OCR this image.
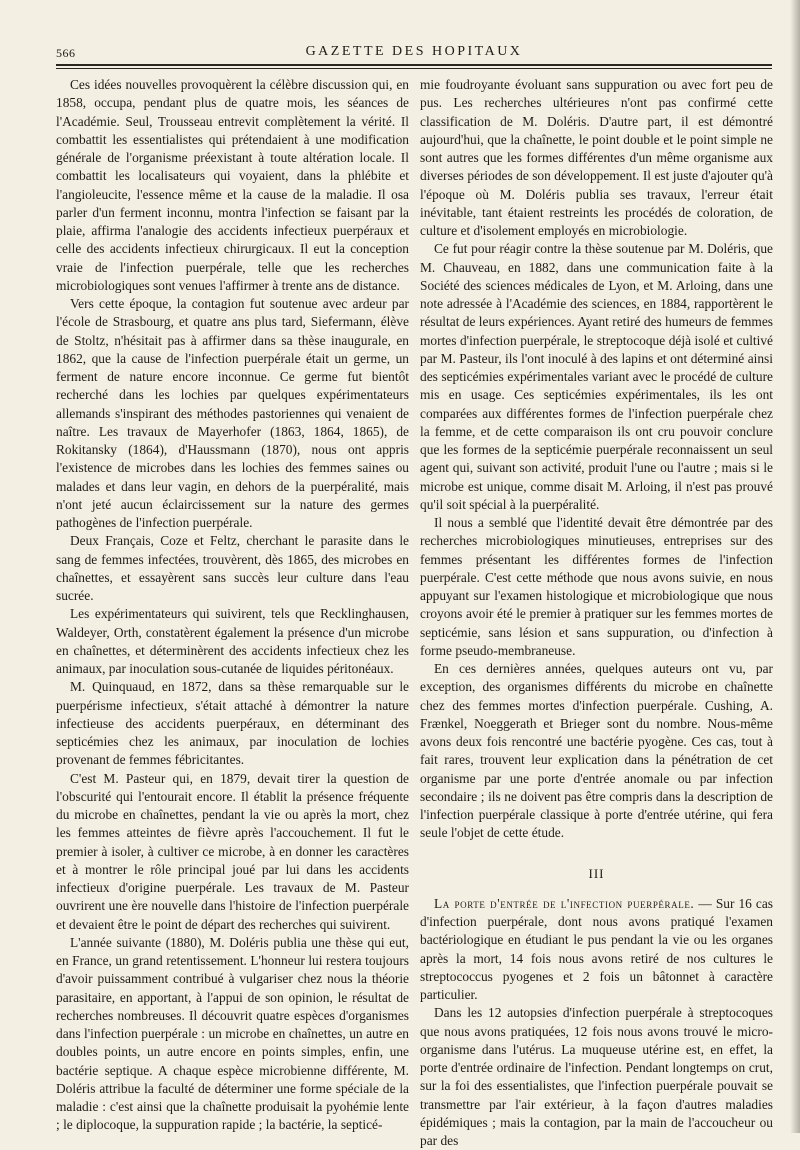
566	GAZETTE DES HOPITAUX

Ces idées nouvelles provoquèrent la célèbre discussion qui, en 1858, occupa, pendant plus de quatre mois, les séances de l'Académie. Seul, Trousseau entrevit complètement la vérité. Il combattit les essentialistes qui prétendaient à une modification générale de l'organisme préexistant à toute altération locale. Il combattit les localisateurs qui voyaient, dans la phlébite et l'angioleucite, l'essence même et la cause de la maladie. Il osa parler d'un ferment inconnu, montra l'infection se faisant par la plaie, affirma l'analogie des accidents infectieux puerpéraux et celle des accidents infectieux chirurgicaux. Il eut la conception vraie de l'infection puerpérale, telle que les recherches microbiologiques sont venues l'affirmer à trente ans de distance.

Vers cette époque, la contagion fut soutenue avec ardeur par l'école de Strasbourg, et quatre ans plus tard, Siefermann, élève de Stoltz, n'hésitait pas à affirmer dans sa thèse inaugurale, en 1862, que la cause de l'infection puerpérale était un germe, un ferment de nature encore inconnue. Ce germe fut bientôt recherché dans les lochies par quelques expérimentateurs allemands s'inspirant des méthodes pastoriennes qui venaient de naître. Les travaux de Mayerhofer (1863, 1864, 1865), de Rokitansky (1864), d'Haussmann (1870), nous ont appris l'existence de microbes dans les lochies des femmes saines ou malades et dans leur vagin, en dehors de la puerpéralité, mais n'ont jeté aucun éclaircissement sur la nature des germes pathogènes de l'infection puerpérale.

Deux Français, Coze et Feltz, cherchant le parasite dans le sang de femmes infectées, trouvèrent, dès 1865, des microbes en chaînettes, et essayèrent sans succès leur culture dans l'eau sucrée.

Les expérimentateurs qui suivirent, tels que Recklinghausen, Waldeyer, Orth, constatèrent également la présence d'un microbe en chaînettes, et déterminèrent des accidents infectieux chez les animaux, par inoculation sous-cutanée de liquides péritonéaux.

M. Quinquaud, en 1872, dans sa thèse remarquable sur le puerpérisme infectieux, s'était attaché à démontrer la nature infectieuse des accidents puerpéraux, en déterminant des septicémies chez les animaux, par inoculation de lochies provenant de femmes fébricitantes.

C'est M. Pasteur qui, en 1879, devait tirer la question de l'obscurité qui l'entourait encore. Il établit la présence fréquente du microbe en chaînettes, pendant la vie ou après la mort, chez les femmes atteintes de fièvre après l'accouchement. Il fut le premier à isoler, à cultiver ce microbe, à en donner les caractères et à montrer le rôle principal joué par lui dans les accidents infectieux d'origine puerpérale. Les travaux de M. Pasteur ouvrirent une ère nouvelle dans l'histoire de l'infection puerpérale et devaient être le point de départ des recherches qui suivirent.

L'année suivante (1880), M. Doléris publia une thèse qui eut, en France, un grand retentissement. L'honneur lui restera toujours d'avoir puissamment contribué à vulgariser chez nous la théorie parasitaire, en apportant, à l'appui de son opinion, le résultat de recherches nombreuses. Il découvrit quatre espèces d'organismes dans l'infection puerpérale : un microbe en chaînettes, un autre en doubles points, un autre encore en points simples, enfin, une bactérie septique. A chaque espèce microbienne différente, M. Doléris attribue la faculté de déterminer une forme spéciale de la maladie : c'est ainsi que la chaînette produisait la pyohémie lente ; le diplocoque, la suppuration rapide ; la bactérie, la septicé-

mie foudroyante évoluant sans suppuration ou avec fort peu de pus. Les recherches ultérieures n'ont pas confirmé cette classification de M. Doléris. D'autre part, il est démontré aujourd'hui, que la chaînette, le point double et le point simple ne sont autres que les formes différentes d'un même organisme aux diverses périodes de son développement. Il est juste d'ajouter qu'à l'époque où M. Doléris publia ses travaux, l'erreur était inévitable, tant étaient restreints les procédés de coloration, de culture et d'isolement employés en microbiologie.

Ce fut pour réagir contre la thèse soutenue par M. Doléris, que M. Chauveau, en 1882, dans une communication faite à la Société des sciences médicales de Lyon, et M. Arloing, dans une note adressée à l'Académie des sciences, en 1884, rapportèrent le résultat de leurs expériences. Ayant retiré des humeurs de femmes mortes d'infection puerpérale, le streptocoque déjà isolé et cultivé par M. Pasteur, ils l'ont inoculé à des lapins et ont déterminé ainsi des septicémies expérimentales variant avec le procédé de culture mis en usage. Ces septicémies expérimentales, ils les ont comparées aux différentes formes de l'infection puerpérale chez la femme, et de cette comparaison ils ont cru pouvoir conclure que les formes de la septicémie puerpérale reconnaissent un seul agent qui, suivant son activité, produit l'une ou l'autre ; mais si le microbe est unique, comme disait M. Arloing, il n'est pas prouvé qu'il soit spécial à la puerpéralité.

Il nous a semblé que l'identité devait être démontrée par des recherches microbiologiques minutieuses, entreprises sur des femmes présentant les différentes formes de l'infection puerpérale. C'est cette méthode que nous avons suivie, en nous appuyant sur l'examen histologique et microbiologique que nous croyons avoir été le premier à pratiquer sur les femmes mortes de septicémie, sans lésion et sans suppuration, ou d'infection à forme pseudo-membraneuse.

En ces dernières années, quelques auteurs ont vu, par exception, des organismes différents du microbe en chaînette chez des femmes mortes d'infection puerpérale. Cushing, A. Frænkel, Noeggerath et Brieger sont du nombre. Nous-même avons deux fois rencontré une bactérie pyogène. Ces cas, tout à fait rares, trouvent leur explication dans la pénétration de cet organisme par une porte d'entrée anomale ou par infection secondaire ; ils ne doivent pas être compris dans la description de l'infection puerpérale classique à porte d'entrée utérine, qui fera seule l'objet de cette étude.

III

La porte d'entrée de l'infection puerpérale. — Sur 16 cas d'infection puerpérale, dont nous avons pratiqué l'examen bactériologique en étudiant le pus pendant la vie ou les organes après la mort, 14 fois nous avons retiré de nos cultures le streptococcus pyogenes et 2 fois un bâtonnet à caractère particulier.

Dans les 12 autopsies d'infection puerpérale à streptocoques que nous avons pratiquées, 12 fois nous avons trouvé le micro-organisme dans l'utérus. La muqueuse utérine est, en effet, la porte d'entrée ordinaire de l'infection. Pendant longtemps on crut, sur la foi des essentialistes, que l'infection puerpérale pouvait se transmettre par l'air extérieur, à la façon d'autres maladies épidémiques ; mais la contagion, par la main de l'accoucheur ou par des
